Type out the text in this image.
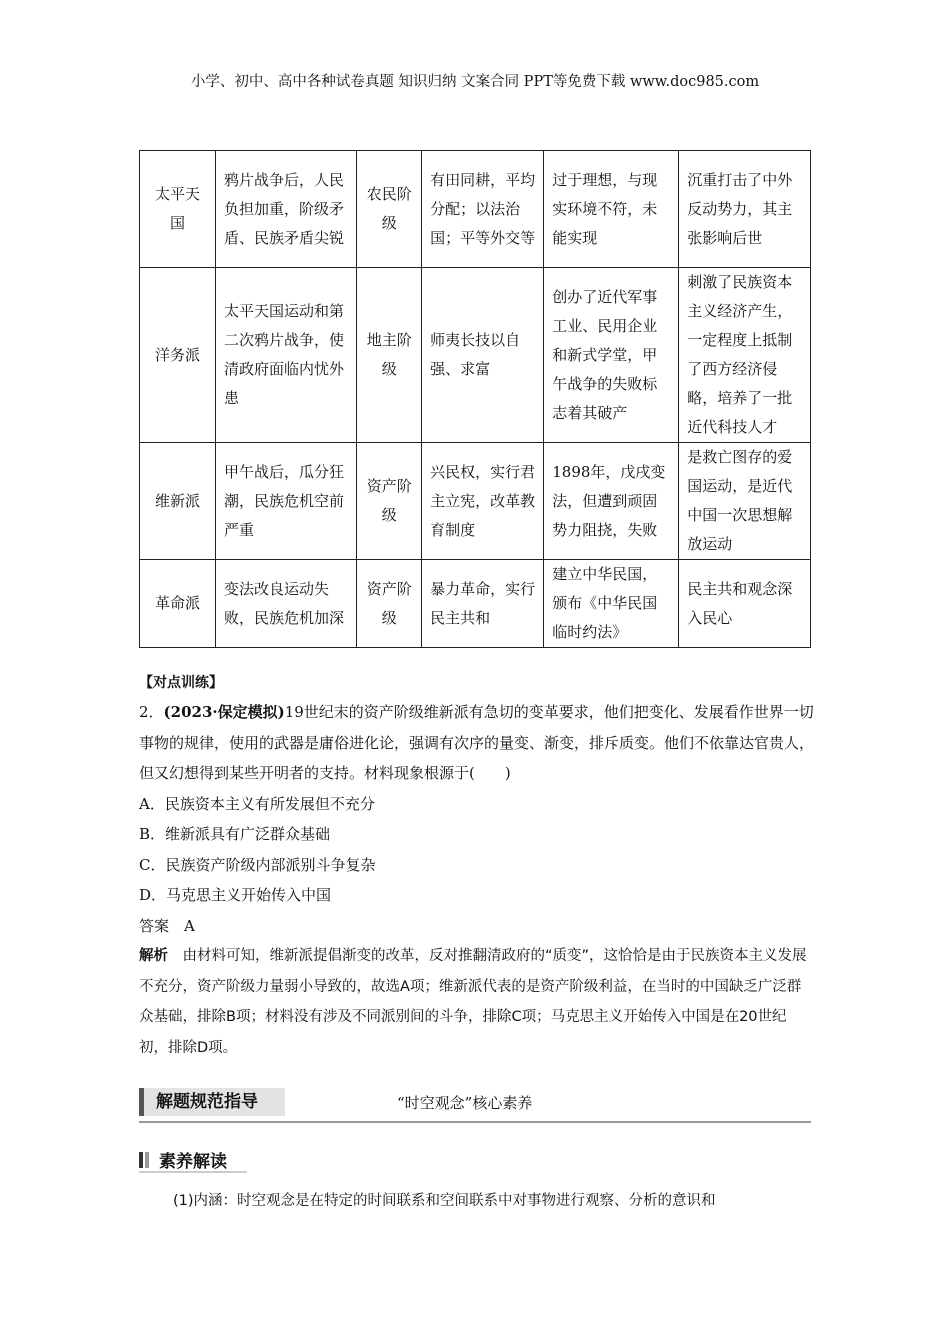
小学、初中、高中各种试卷真题 知识归纳 文案合同 PPT等免费下载 www.doc985.com
太平天国	鸦片战争后，人民负担加重，阶级矛盾、民族矛盾尖锐	农民阶级	有田同耕，平均分配；以法治国；平等外交等	过于理想，与现实环境不符，未能实现	沉重打击了中外反动势力，其主张影响后世
洋务派	太平天国运动和第二次鸦片战争，使清政府面临内忧外患	地主阶级	师夷长技以自强、求富	创办了近代军事工业、民用企业和新式学堂，甲午战争的失败标志着其破产	刺激了民族资本主义经济产生，一定程度上抵制了西方经济侵略，培养了一批近代科技人才
维新派	甲午战后，瓜分狂潮，民族危机空前严重	资产阶级	兴民权，实行君主立宪，改革教育制度	1898年，戊戌变法，但遭到顽固势力阻挠，失败	是救亡图存的爱国运动，是近代中国一次思想解放运动
革命派	变法改良运动失败，民族危机加深	资产阶级	暴力革命，实行民主共和	建立中华民国，颁布《中华民国临时约法》	民主共和观念深入民心
【对点训练】
2．(2023·保定模拟)19世纪末的资产阶级维新派有急切的变革要求，他们把变化、发展看作世界一切事物的规律，使用的武器是庸俗进化论，强调有次序的量变、渐变，排斥质变。他们不依靠达官贵人，但又幻想得到某些开明者的支持。材料现象根源于(　　)
A．民族资本主义有所发展但不充分
B．维新派具有广泛群众基础
C．民族资产阶级内部派别斗争复杂
D．马克思主义开始传入中国
答案　 A
解析　 由材料可知，维新派提倡渐变的改革，反对推翻清政府的“质变”，这恰恰是由于民族资本主义发展不充分，资产阶级力量弱小导致的，故选A项；维新派代表的是资产阶级利益，在当时的中国缺乏广泛群众基础，排除B项；材料没有涉及不同派别间的斗争，排除C项；马克思主义开始传入中国是在20世纪初，排除D项。
解题规范指导	“时空观念”核心素养
素养解读
(1)内涵：时空观念是在特定的时间联系和空间联系中对事物进行观察、分析的意识和
